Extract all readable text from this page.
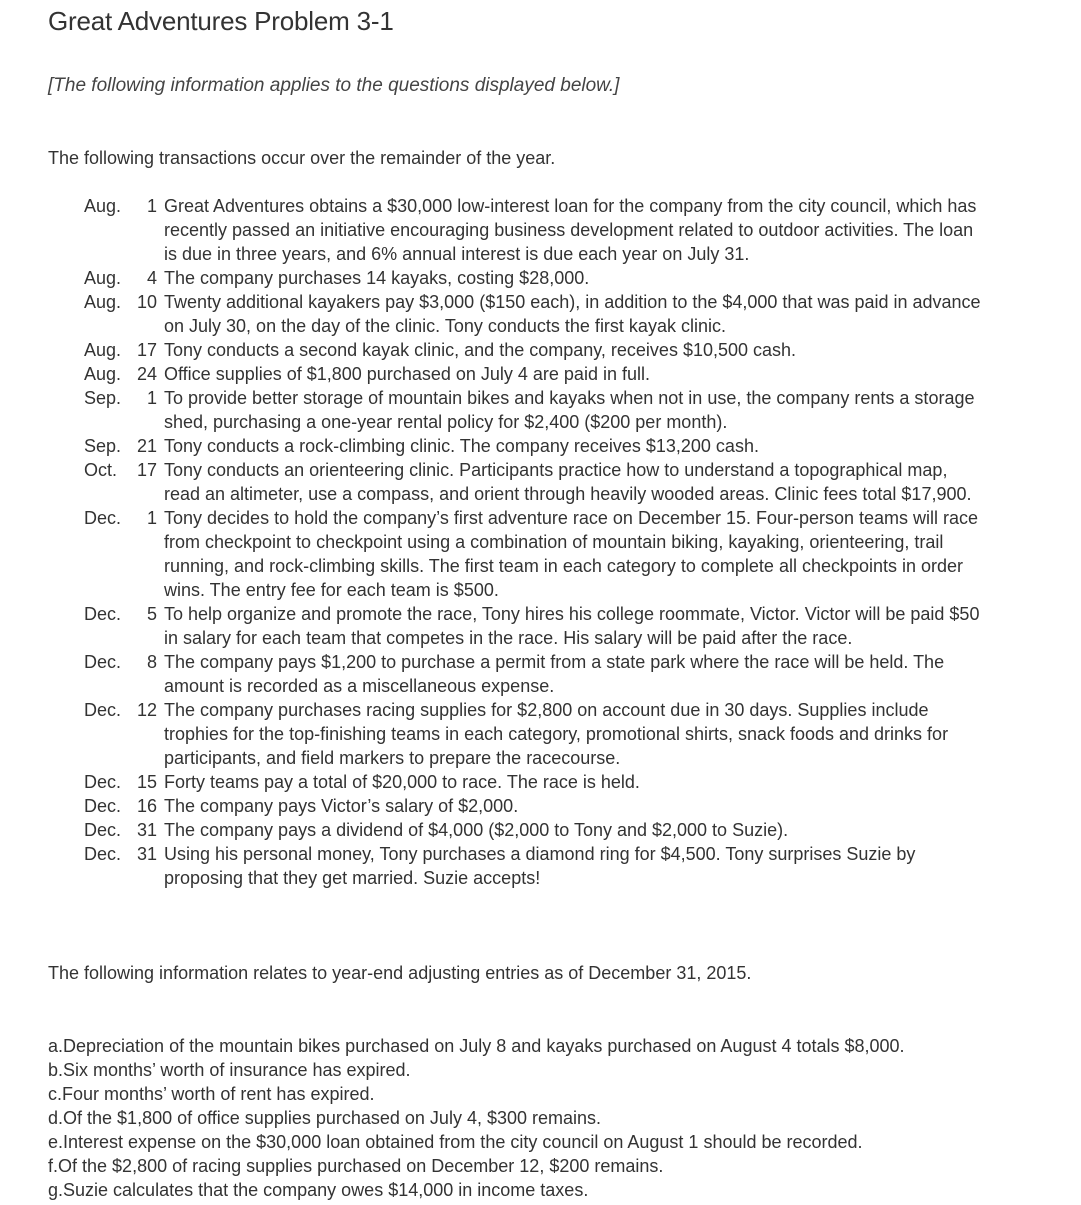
Great Adventures Problem 3-1

[The following information applies to the questions displayed below.]

The following transactions occur over the remainder of the year.

Aug. 1 Great Adventures obtains a $30,000 low-interest loan for the company from the city council, which has recently passed an initiative encouraging business development related to outdoor activities. The loan is due in three years, and 6% annual interest is due each year on July 31.
Aug. 4 The company purchases 14 kayaks, costing $28,000.
Aug. 10 Twenty additional kayakers pay $3,000 ($150 each), in addition to the $4,000 that was paid in advance on July 30, on the day of the clinic. Tony conducts the first kayak clinic.
Aug. 17 Tony conducts a second kayak clinic, and the company, receives $10,500 cash.
Aug. 24 Office supplies of $1,800 purchased on July 4 are paid in full.
Sep. 1 To provide better storage of mountain bikes and kayaks when not in use, the company rents a storage shed, purchasing a one-year rental policy for $2,400 ($200 per month).
Sep. 21 Tony conducts a rock-climbing clinic. The company receives $13,200 cash.
Oct. 17 Tony conducts an orienteering clinic. Participants practice how to understand a topographical map, read an altimeter, use a compass, and orient through heavily wooded areas. Clinic fees total $17,900.
Dec. 1 Tony decides to hold the company’s first adventure race on December 15. Four-person teams will race from checkpoint to checkpoint using a combination of mountain biking, kayaking, orienteering, trail running, and rock-climbing skills. The first team in each category to complete all checkpoints in order wins. The entry fee for each team is $500.
Dec. 5 To help organize and promote the race, Tony hires his college roommate, Victor. Victor will be paid $50 in salary for each team that competes in the race. His salary will be paid after the race.
Dec. 8 The company pays $1,200 to purchase a permit from a state park where the race will be held. The amount is recorded as a miscellaneous expense.
Dec. 12 The company purchases racing supplies for $2,800 on account due in 30 days. Supplies include trophies for the top-finishing teams in each category, promotional shirts, snack foods and drinks for participants, and field markers to prepare the racecourse.
Dec. 15 Forty teams pay a total of $20,000 to race. The race is held.
Dec. 16 The company pays Victor’s salary of $2,000.
Dec. 31 The company pays a dividend of $4,000 ($2,000 to Tony and $2,000 to Suzie).
Dec. 31 Using his personal money, Tony purchases a diamond ring for $4,500. Tony surprises Suzie by proposing that they get married. Suzie accepts!

The following information relates to year-end adjusting entries as of December 31, 2015.

a. Depreciation of the mountain bikes purchased on July 8 and kayaks purchased on August 4 totals $8,000.
b. Six months’ worth of insurance has expired.
c. Four months’ worth of rent has expired.
d. Of the $1,800 of office supplies purchased on July 4, $300 remains.
e. Interest expense on the $30,000 loan obtained from the city council on August 1 should be recorded.
f. Of the $2,800 of racing supplies purchased on December 12, $200 remains.
g. Suzie calculates that the company owes $14,000 in income taxes.
